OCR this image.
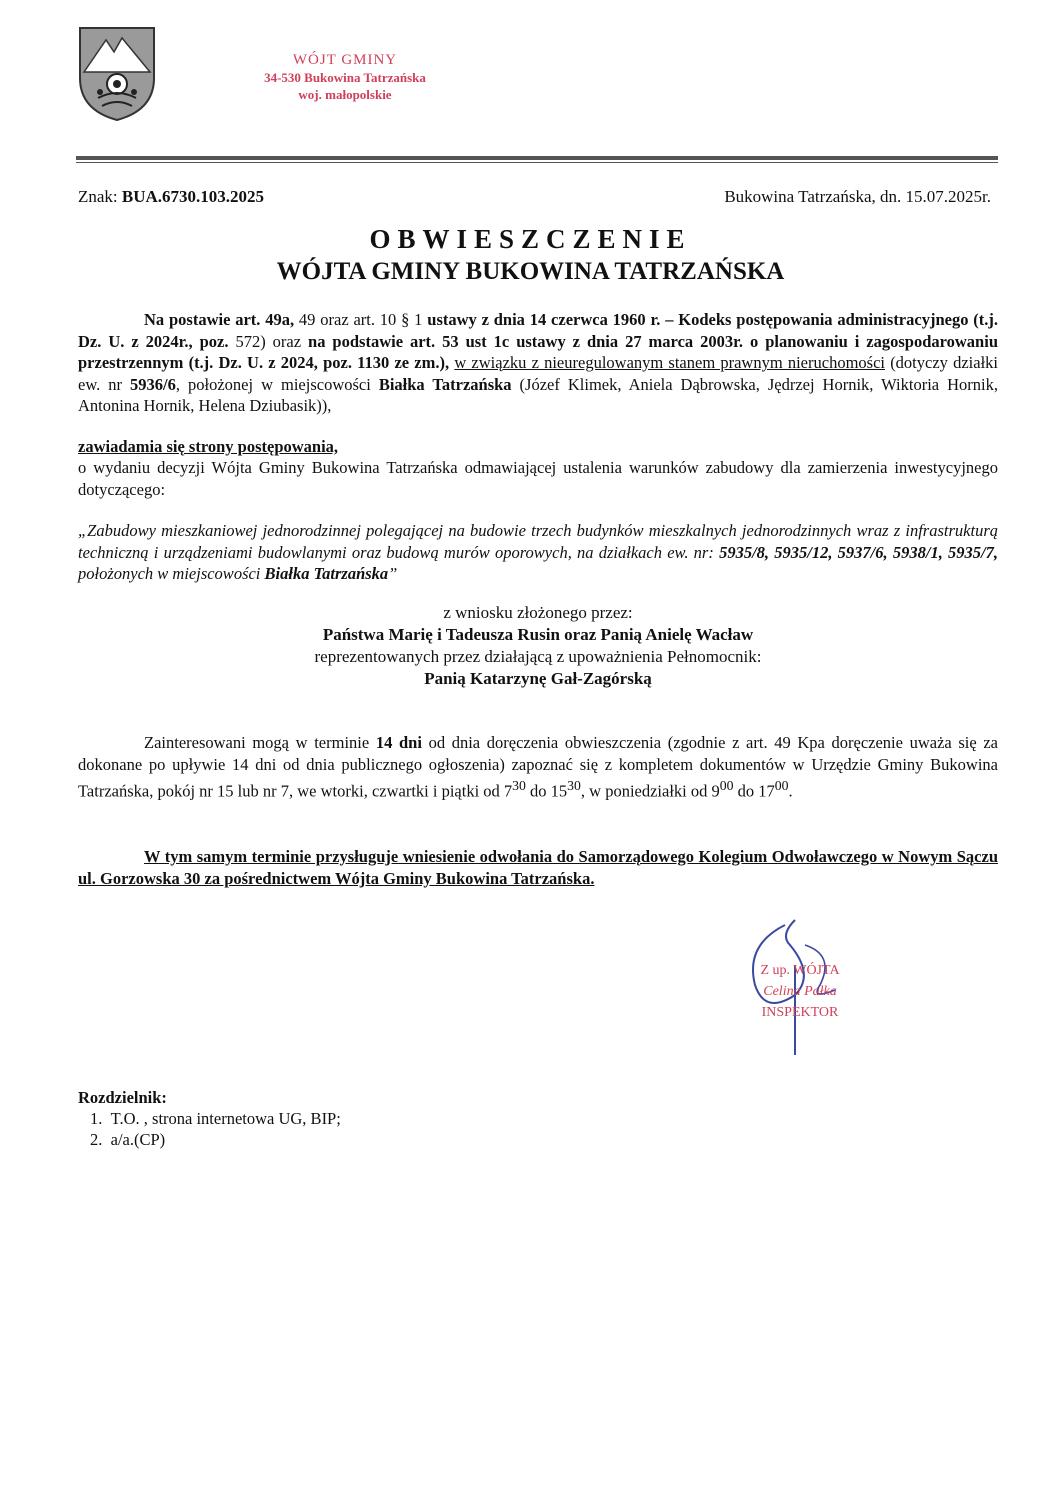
WÓJT GMINY
34-530 Bukowina Tatrzańska
woj. małopolskie
Znak: BUA.6730.103.2025	Bukowina Tatrzańska, dn. 15.07.2025r.
OBWIESZCZENIE
WÓJTA GMINY BUKOWINA TATRZAŃSKA
Na postawie art. 49a, 49 oraz art. 10 § 1 ustawy z dnia 14 czerwca 1960 r. – Kodeks postępowania administracyjnego (t.j. Dz. U. z 2024r., poz. 572) oraz na podstawie art. 53 ust 1c ustawy z dnia 27 marca 2003r. o planowaniu i zagospodarowaniu przestrzennym (t.j. Dz. U. z 2024, poz. 1130 ze zm.), w związku z nieuregulowanym stanem prawnym nieruchomości (dotyczy działki ew. nr 5936/6, położonej w miejscowości Białka Tatrzańska (Józef Klimek, Aniela Dąbrowska, Jędrzej Hornik, Wiktoria Hornik, Antonina Hornik, Helena Dziubasik)),
zawiadamia się strony postępowania,
o wydaniu decyzji Wójta Gminy Bukowina Tatrzańska odmawiającej ustalenia warunków zabudowy dla zamierzenia inwestycyjnego dotyczącego:
„Zabudowy mieszkaniowej jednorodzinnej polegającej na budowie trzech budynków mieszkalnych jednorodzinnych wraz z infrastrukturą techniczną i urządzeniami budowlanymi oraz budową murów oporowych, na działkach ew. nr: 5935/8, 5935/12, 5937/6, 5938/1, 5935/7, położonych w miejscowości Białka Tatrzańska”
z wniosku złożonego przez:
Państwa Marię i Tadeusza Rusin oraz Panią Anielę Wacław
reprezentowanych przez działającą z upoważnienia Pełnomocnik:
Panią Katarzynę Gał-Zagórską
Zainteresowani mogą w terminie 14 dni od dnia doręczenia obwieszczenia (zgodnie z art. 49 Kpa doręczenie uważa się za dokonane po upływie 14 dni od dnia publicznego ogłoszenia) zapoznać się z kompletem dokumentów w Urzędzie Gminy Bukowina Tatrzańska, pokój nr 15 lub nr 7, we wtorki, czwartki i piątki od $7^{30}$ do $15^{30}$, w poniedziałki od $9^{00}$ do $17^{00}$.
W tym samym terminie przysługuje wniesienie odwołania do Samorządowego Kolegium Odwoławczego w Nowym Sączu ul. Gorzowska 30 za pośrednictwem Wójta Gminy Bukowina Tatrzańska.
Z up. WÓJTA
Celina Pałka
INSPEKTOR
Rozdzielnik:
1.  T.O. , strona internetowa UG, BIP;
2.  a/a.(CP)
